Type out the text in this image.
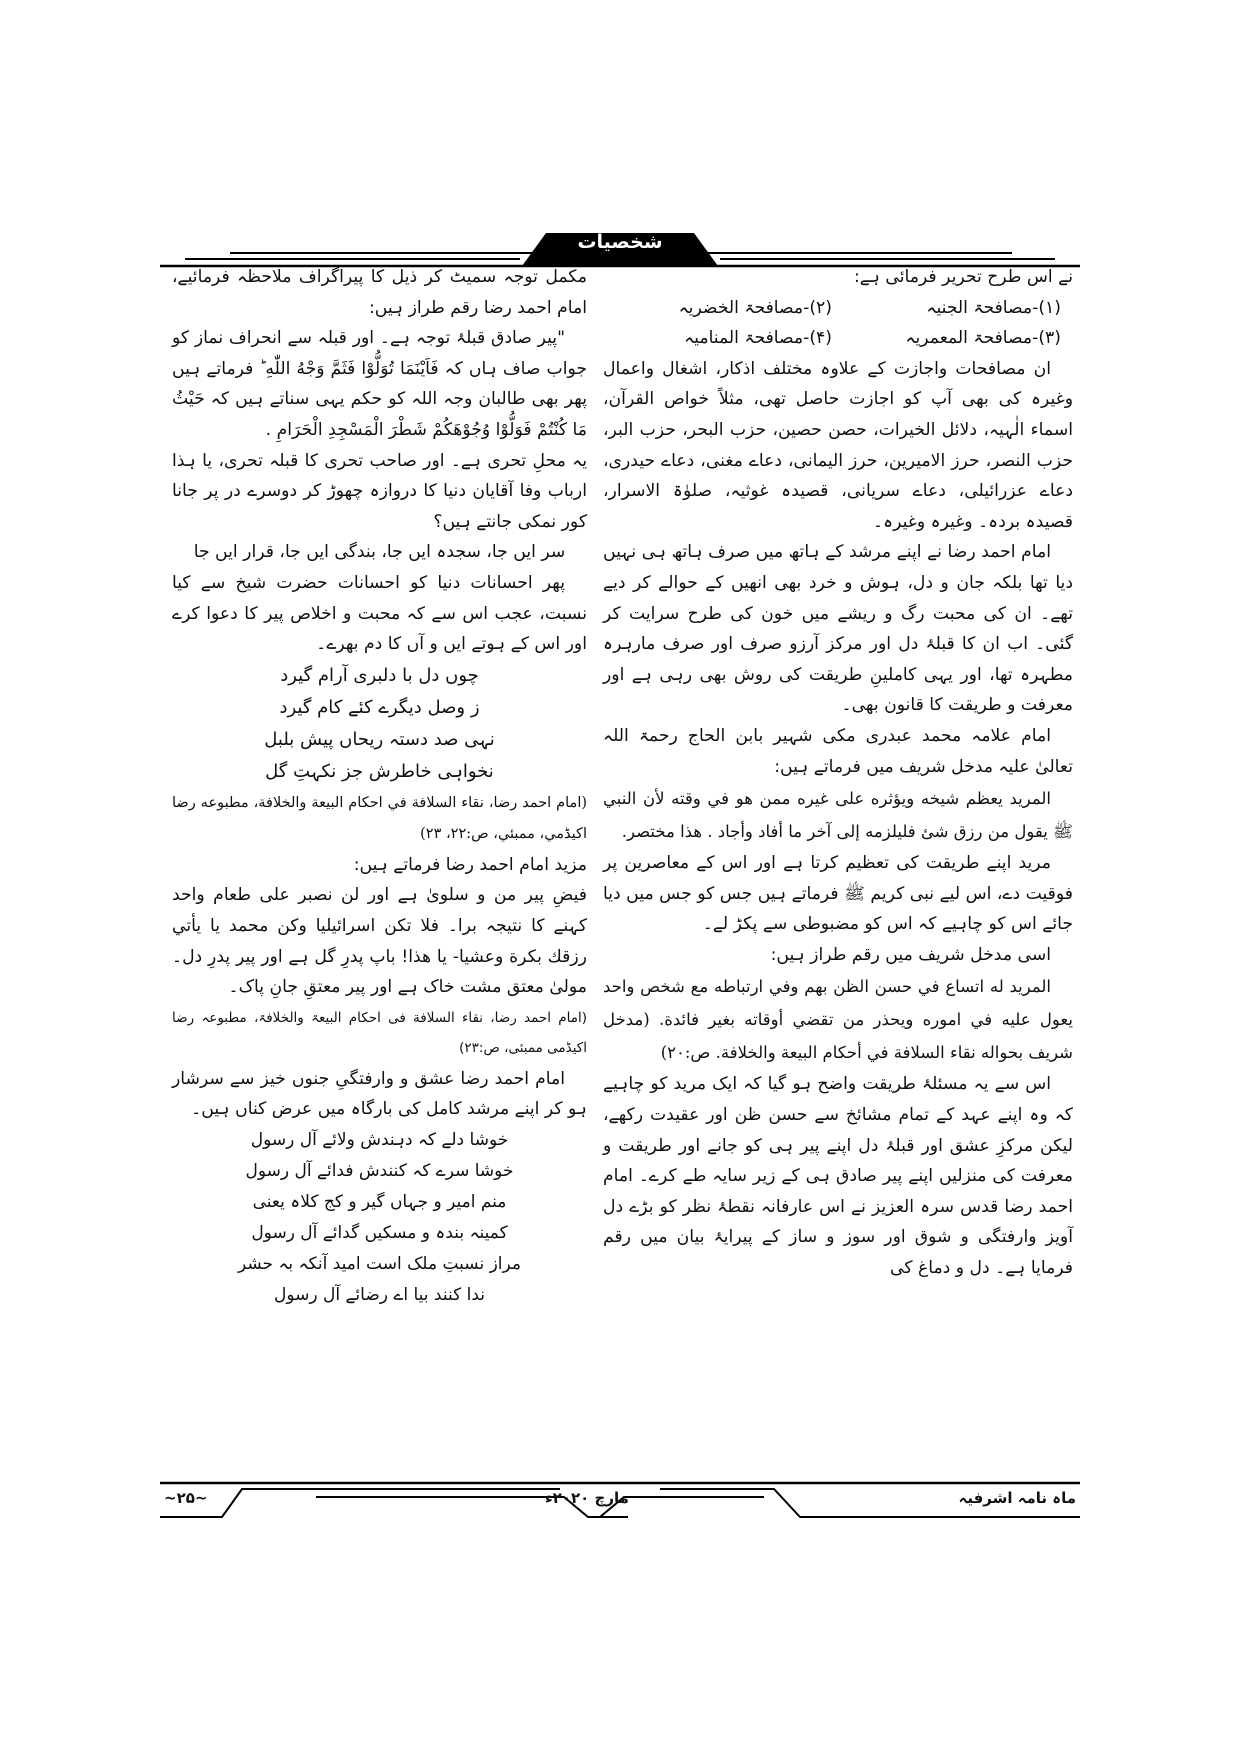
شخصیات

نے اس طرح تحریر فرمائی ہے:

(۱)-مصافحۃ الجنیہ
(۲)-مصافحۃ الخضریہ
(۳)-مصافحۃ المعمریہ
(۴)-مصافحۃ المنامیہ

ان مصافحات واجازت کے علاوہ مختلف اذکار، اشغال واعمال وغیرہ کی بھی آپ کو اجازت حاصل تھی، مثلاً خواص القرآن، اسماء الٰہیہ، دلائل الخیرات، حصن حصین، حزب البحر، حزب البر، حزب النصر، حرز الامیرین، حرز الیمانی، دعاے مغنی، دعاے حیدری، دعاے عزرائیلی، دعاے سریانی، قصیدہ غوثیہ، صلوٰۃ الاسرار، قصیدہ بردہ۔ وغیرہ وغیرہ۔

امام احمد رضا نے اپنے مرشد کے ہاتھ میں صرف ہاتھ ہی نہیں دیا تھا بلکہ جان و دل، ہوش و خرد بھی انھیں کے حوالے کر دیے تھے۔ ان کی محبت رگ و ریشے میں خون کی طرح سرایت کر گئی۔ اب ان کا قبلۂ دل اور مرکز آرزو صرف اور صرف مارہرہ مطہرہ تھا، اور یہی کاملینِ طریقت کی روش بھی رہی ہے اور معرفت و طریقت کا قانون بھی۔

امام علامہ محمد عبدری مکی شہیر بابن الحاج رحمۃ اللہ تعالیٰ علیہ مدخل شریف میں فرماتے ہیں:

المريد يعظم شيخه ويؤثره على غيره ممن هو في وقته لأن النبي ﷺ يقول من رزق شئ فليلزمه إلى آخر ما أفاد وأجاد . هذا مختصر.

مرید اپنے طریقت کی تعظیم کرتا ہے اور اس کے معاصرین پر فوقیت دے، اس لیے نبی کریم ﷺ فرماتے ہیں جس کو جس میں دیا جائے اس کو چاہیے کہ اس کو مضبوطی سے پکڑ لے۔

اسی مدخل شریف میں رقم طراز ہیں:

المريد له اتساع في حسن الظن بهم وفي ارتباطه مع شخص واحد يعول عليه في اموره ويحذر من تقضي أوقاته بغير فائدة. (مدخل شريف بحواله نقاء السلافة في أحكام البيعة والخلافة. ص:۲۰)

اس سے یہ مسئلۂ طریقت واضح ہو گیا کہ ایک مرید کو چاہیے کہ وہ اپنے عہد کے تمام مشائخ سے حسن ظن اور عقیدت رکھے، لیکن مرکزِ عشق اور قبلۂ دل اپنے پیر ہی کو جانے اور طریقت و معرفت کی منزلیں اپنے پیر صادق ہی کے زیر سایہ طے کرے۔ امام احمد رضا قدس سرہ العزیز نے اس عارفانہ نقطۂ نظر کو بڑے دل آویز وارفتگی و شوق اور سوز و ساز کے پیرایۂ بیان میں رقم فرمایا ہے۔ دل و دماغ کی

مکمل توجہ سمیٹ کر ذیل کا پیراگراف ملاحظہ فرمائیے، امام احمد رضا رقم طراز ہیں:

"پیر صادق قبلۂ توجہ ہے۔ اور قبلہ سے انحراف نماز کو جواب صاف ہاں کہ فَاَیْنَمَا تُوَلُّوْا فَثَمَّ وَجْهُ اللّٰهِ ؕ فرماتے ہیں پھر بھی طالبان وجہ اللہ کو حکم یہی سناتے ہیں کہ حَیْثُ مَا كُنْتُمْ فَوَلُّوْا وُجُوْهَكُمْ شَطْرَ الْمَسْجِدِ الْحَرَامِ .

یہ محلِ تحری ہے۔ اور صاحب تحری کا قبلہ تحری، یا ہذا ارباب وفا آقایان دنیا کا دروازہ چھوڑ کر دوسرے در پر جانا کور نمکی جانتے ہیں؟

سر ایں جا، سجدہ ایں جا، بندگی ایں جا، قرار ایں جا

پھر احسانات دنیا کو احسانات حضرت شیخ سے کیا نسبت، عجب اس سے کہ محبت و اخلاص پیر کا دعوا کرے اور اس کے ہوتے ایں و آں کا دم بھرے۔

چوں دل با دلبری آرام گیرد
ز وصل دیگرے کئے کام گیرد
نہی صد دستہ ریحاں پیش بلبل
نخواہی خاطرش جز نکہتِ گل

(امام احمد رضا، نقاء السلافة في احكام البيعة والخلافة، مطبوعه رضا اكيڈمي، ممبئي، ص:۲۲، ۲۳)

مزید امام احمد رضا فرماتے ہیں:

فیضِ پیر من و سلویٰ ہے اور لن نصبر علی طعام واحد کہنے کا نتیجہ برا۔ فلا تكن اسرائيليا وكن محمد يا يأتي رزقك بكرة وعشيا- یا ھذا! باپ پدرِ گل ہے اور پیر پدرِ دل۔ مولیٰ معتق مشت خاک ہے اور پیر معتقِ جانِ پاک۔

(امام احمد رضا، نقاء السلافة فی احکام البیعۃ والخلافۃ، مطبوعہ رضا اکیڈمی ممبئی، ص:۲۳)

امام احمد رضا عشق و وارفتگیِ جنوں خیز سے سرشار ہو کر اپنے مرشد کامل کی بارگاہ میں عرض کناں ہیں۔

خوشا دلے کہ دہندش ولائے آل رسول
خوشا سرے کہ کنندش فدائے آل رسول
منم امیر و جہاں گیر و کج کلاہ یعنی
کمینہ بندہ و مسکیں گدائے آل رسول
مراز نسبتِ ملک است امید آنکہ بہ حشر
ندا کنند بیا اے رضائے آل رسول
ماہ نامہ اشرفیہ
مارچ ۲۰۲۰ء
~۲۵~
